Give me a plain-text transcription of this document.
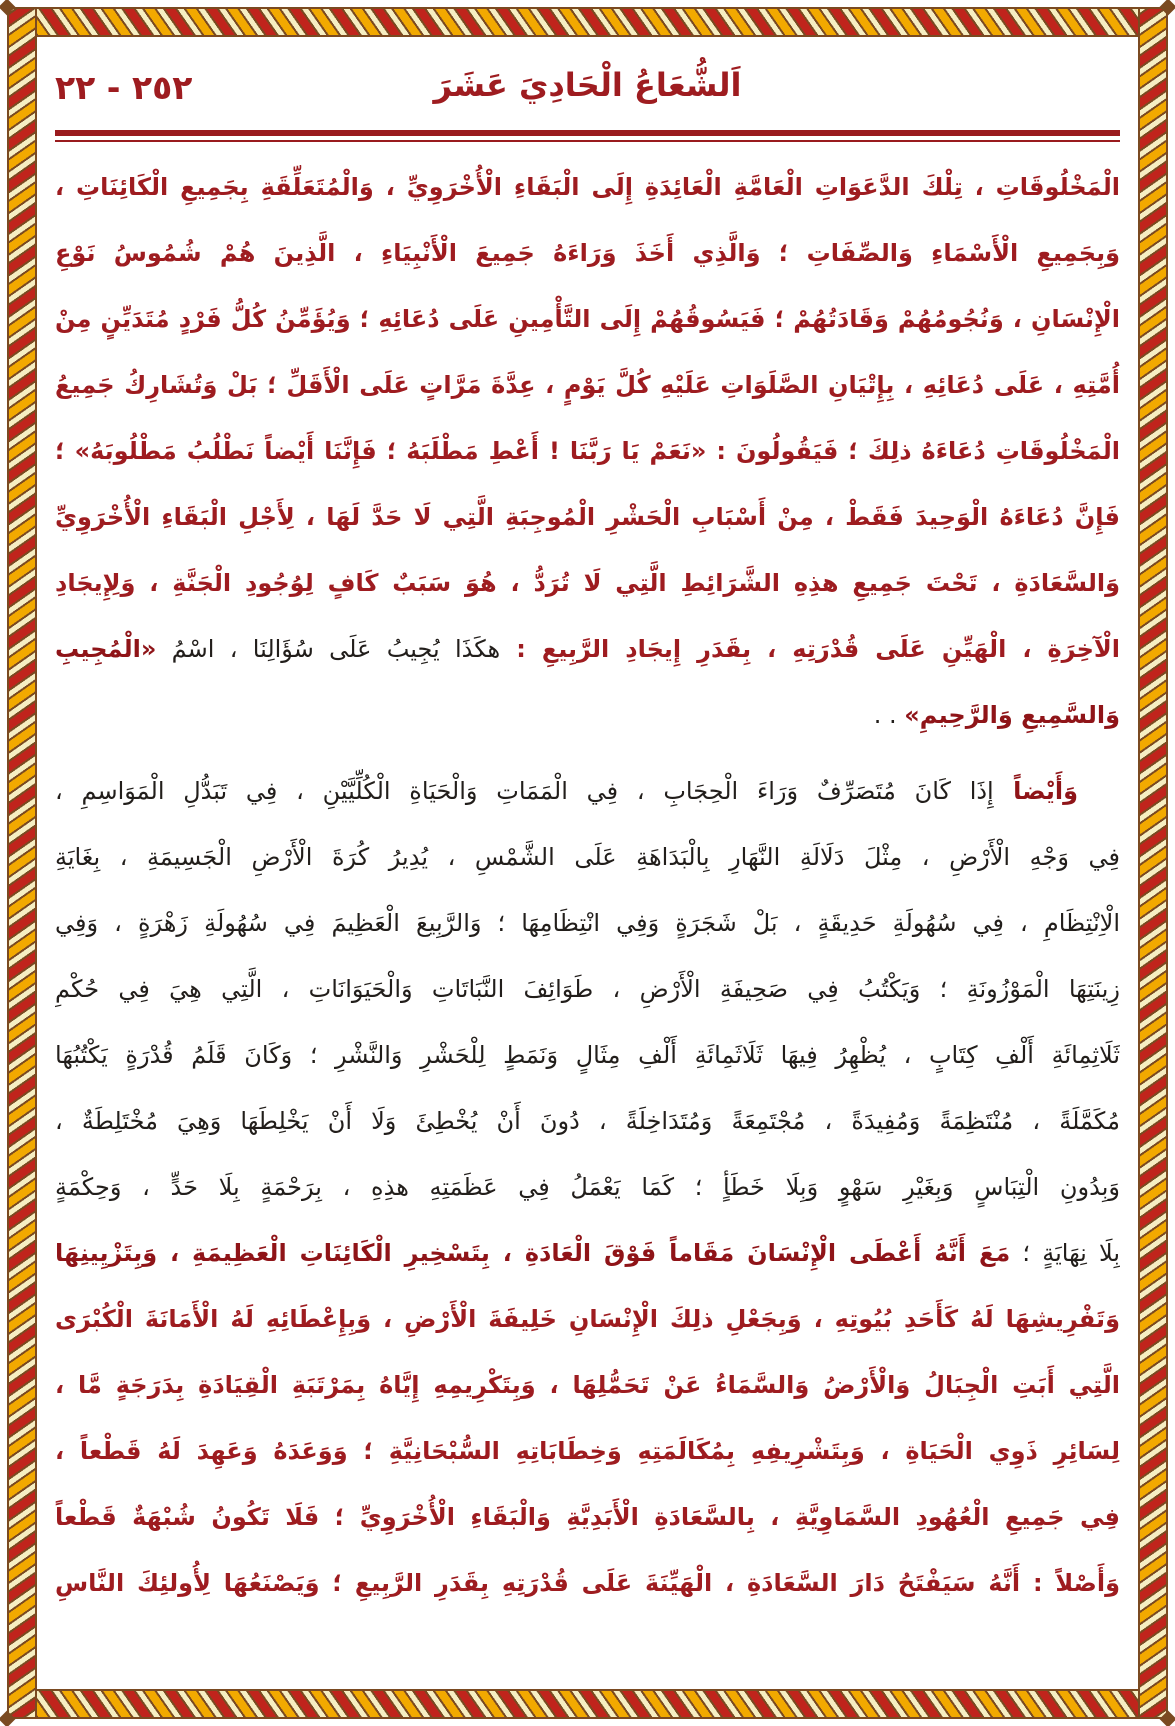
اَلشُّعَاعُ الْحَادِيَ عَشَرَ
٢٥٢ - ٢٢
الْمَخْلُوقَاتِ ، تِلْكَ الدَّعَوَاتِ الْعَامَّةِ الْعَائِدَةِ إِلَى الْبَقَاءِ الْأُخْرَوِيِّ ، وَالْمُتَعَلِّقَةِ بِجَمِيعِ الْكَائِنَاتِ ،
وَبِجَمِيعِ الْأَسْمَاءِ وَالصِّفَاتِ ؛ وَالَّذِي أَخَذَ وَرَاءَهُ جَمِيعَ الْأَنْبِيَاءِ ، الَّذِينَ هُمْ شُمُوسُ نَوْعِ
الْإِنْسَانِ ، وَنُجُومُهُمْ وَقَادَتُهُمْ ؛ فَيَسُوقُهُمْ إِلَى التَّأْمِينِ عَلَى دُعَائِهِ ؛ وَيُؤَمِّنُ كُلُّ فَرْدٍ مُتَدَيِّنٍ مِنْ
أُمَّتِهِ ، عَلَى دُعَائِهِ ، بِإِتْيَانِ الصَّلَوَاتِ عَلَيْهِ كُلَّ يَوْمٍ ، عِدَّةَ مَرَّاتٍ عَلَى الْأَقَلِّ ؛ بَلْ وَتُشَارِكُ جَمِيعُ
الْمَخْلُوقَاتِ دُعَاءَهُ ذلِكَ ؛ فَيَقُولُونَ : «نَعَمْ يَا رَبَّنَا ! أَعْطِ مَطْلَبَهُ ؛ فَإِنَّنَا أَيْضاً نَطْلُبُ مَطْلُوبَهُ» ؛
فَإِنَّ دُعَاءَهُ الْوَحِيدَ فَقَطْ ، مِنْ أَسْبَابِ الْحَشْرِ الْمُوجِبَةِ الَّتِي لَا حَدَّ لَهَا ، لِأَجْلِ الْبَقَاءِ الْأُخْرَوِيِّ
وَالسَّعَادَةِ ، تَحْتَ جَمِيعِ هذِهِ الشَّرَائِطِ الَّتِي لَا تُرَدُّ ، هُوَ سَبَبٌ كَافٍ لِوُجُودِ الْجَنَّةِ ، وَلِإِيجَادِ
الْآخِرَةِ ، الْهَيِّنِ عَلَى قُدْرَتِهِ ، بِقَدَرِ إِيجَادِ الرَّبِيعِ : هكَذَا يُجِيبُ عَلَى سُؤَالِنَا ، اسْمُ «الْمُجِيبِ
وَالسَّمِيعِ وَالرَّحِيمِ» . .
وَأَيْضاً إِذَا كَانَ مُتَصَرِّفٌ وَرَاءَ الْحِجَابِ ، فِي الْمَمَاتِ وَالْحَيَاةِ الْكُلِّيَّيْنِ ، فِي تَبَدُّلِ الْمَوَاسِمِ ،
فِي وَجْهِ الْأَرْضِ ، مِثْلَ دَلَالَةِ النَّهَارِ بِالْبَدَاهَةِ عَلَى الشَّمْسِ ، يُدِيرُ كُرَةَ الْأَرْضِ الْجَسِيمَةِ ، بِغَايَةِ
الْاِنْتِظَامِ ، فِي سُهُولَةِ حَدِيقَةٍ ، بَلْ شَجَرَةٍ وَفِي انْتِظَامِهَا ؛ وَالرَّبِيعَ الْعَظِيمَ فِي سُهُولَةِ زَهْرَةٍ ، وَفِي
زِينَتِهَا الْمَوْزُونَةِ ؛ وَيَكْتُبُ فِي صَحِيفَةِ الْأَرْضِ ، طَوَائِفَ النَّبَاتَاتِ وَالْحَيَوَانَاتِ ، الَّتِي هِيَ فِي حُكْمِ
ثَلَاثِمِائَةِ أَلْفِ كِتَابٍ ، يُظْهِرُ فِيهَا ثَلَاثَمِائَةِ أَلْفِ مِثَالٍ وَنَمَطٍ لِلْحَشْرِ وَالنَّشْرِ ؛ وَكَانَ قَلَمُ قُدْرَةٍ يَكْتُبُهَا
مُكَمَّلَةً ، مُنْتَظِمَةً وَمُفِيدَةً ، مُجْتَمِعَةً وَمُتَدَاخِلَةً ، دُونَ أَنْ يُخْطِئَ وَلَا أَنْ يَخْلِطَهَا وَهِيَ مُخْتَلِطَةٌ ،
وَبِدُونِ الْتِبَاسٍ وَبِغَيْرِ سَهْوٍ وَبِلَا خَطَأٍ ؛ كَمَا يَعْمَلُ فِي عَظَمَتِهِ هذِهِ ، بِرَحْمَةٍ بِلَا حَدٍّ ، وَحِكْمَةٍ
بِلَا نِهَايَةٍ ؛ مَعَ أَنَّهُ أَعْطَى الْإِنْسَانَ مَقَاماً فَوْقَ الْعَادَةِ ، بِتَسْخِيرِ الْكَائِنَاتِ الْعَظِيمَةِ ، وَبِتَزْيِينِهَا
وَتَفْرِيشِهَا لَهُ كَأَحَدِ بُيُوتِهِ ، وَبِجَعْلِ ذلِكَ الْإِنْسَانِ خَلِيفَةَ الْأَرْضِ ، وَبِإِعْطَائِهِ لَهُ الْأَمَانَةَ الْكُبْرَى
الَّتِي أَبَتِ الْجِبَالُ وَالْأَرْضُ وَالسَّمَاءُ عَنْ تَحَمُّلِهَا ، وَبِتَكْرِيمِهِ إِيَّاهُ بِمَرْتَبَةِ الْقِيَادَةِ بِدَرَجَةٍ مَّا ،
لِسَائِرِ ذَوِي الْحَيَاةِ ، وَبِتَشْرِيفِهِ بِمُكَالَمَتِهِ وَخِطَابَاتِهِ السُّبْحَانِيَّةِ ؛ وَوَعَدَهُ وَعَهِدَ لَهُ قَطْعاً ،
فِي جَمِيعِ الْعُهُودِ السَّمَاوِيَّةِ ، بِالسَّعَادَةِ الْأَبَدِيَّةِ وَالْبَقَاءِ الْأُخْرَوِيِّ ؛ فَلَا تَكُونُ شُبْهَةٌ قَطْعاً
وَأَصْلاً : أَنَّهُ سَيَفْتَحُ دَارَ السَّعَادَةِ ، الْهَيِّنَةَ عَلَى قُدْرَتِهِ بِقَدَرِ الرَّبِيعِ ؛ وَيَصْنَعُهَا لِأُولئِكَ النَّاسِ
